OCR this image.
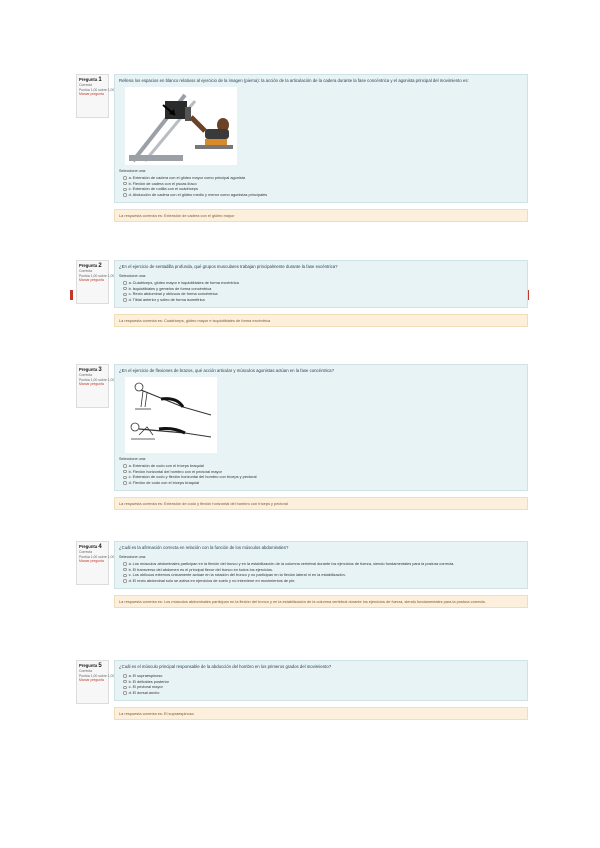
Pregunta 1
Correcta
Puntúa 1,00 sobre 1,00
Marcar pregunta
Rellena los espacios en blanco relativos al ejercicio de la imagen (pierna): la acción de la articulación de la cadera durante la fase concéntrica y el agonista principal del movimiento es:
Seleccione una:
a. Extensión de cadera con el glúteo mayor como principal agonista
b. Flexión de cadera con el psoas ilíaco
c. Extensión de rodilla con el cuádriceps
d. Abducción de cadera con el glúteo medio y menor como agonistas principales
La respuesta correcta es: Extensión de cadera con el glúteo mayor
Pregunta 2
Correcta
Puntúa 1,00 sobre 1,00
Marcar pregunta
¿En el ejercicio de sentadilla profunda, qué grupos musculares trabajan principalmente durante la fase excéntrica?
Seleccione una:
a. Cuádriceps, glúteo mayor e isquiotibiales de forma excéntrica
b. Isquiotibiales y gemelos de forma concéntrica
c. Recto abdominal y oblicuos de forma concéntrica
d. Tibial anterior y sóleo de forma isométrica
La respuesta correcta es: Cuádriceps, glúteo mayor e isquiotibiales de forma excéntrica
Pregunta 3
Correcta
Puntúa 1,00 sobre 1,00
Marcar pregunta
¿En el ejercicio de flexiones de brazos, qué acción articular y músculos agonistas actúan en la fase concéntrica?
Seleccione una:
a. Extensión de codo con el tríceps braquial
b. Flexión horizontal del hombro con el pectoral mayor
c. Extensión de codo y flexión horizontal del hombro con tríceps y pectoral
d. Flexión de codo con el bíceps braquial
La respuesta correcta es: Extensión de codo y flexión horizontal del hombro con tríceps y pectoral
Pregunta 4
Correcta
Puntúa 1,00 sobre 1,00
Marcar pregunta
¿Cuál es la afirmación correcta en relación con la función de los músculos abdominales?
Seleccione una:
a. Los músculos abdominales participan en la flexión del tronco y en la estabilización de la columna vertebral durante los ejercicios de fuerza, siendo fundamentales para la postura correcta.
b. El transverso del abdomen es el principal flexor del tronco en todos los ejercicios.
c. Los oblicuos externos únicamente actúan en la rotación del tronco y no participan en la flexión lateral ni en la estabilización.
d. El recto abdominal solo se activa en ejercicios de suelo y no interviene en movimientos de pie.
La respuesta correcta es: Los músculos abdominales participan en la flexión del tronco y en la estabilización de la columna vertebral durante los ejercicios de fuerza, siendo fundamentales para la postura correcta.
Pregunta 5
Correcta
Puntúa 1,00 sobre 1,00
Marcar pregunta
¿Cuál es el músculo principal responsable de la abducción del hombro en los primeros grados del movimiento?
a. El supraespinoso
b. El deltoides posterior
c. El pectoral mayor
d. El dorsal ancho
La respuesta correcta es: El supraespinoso
